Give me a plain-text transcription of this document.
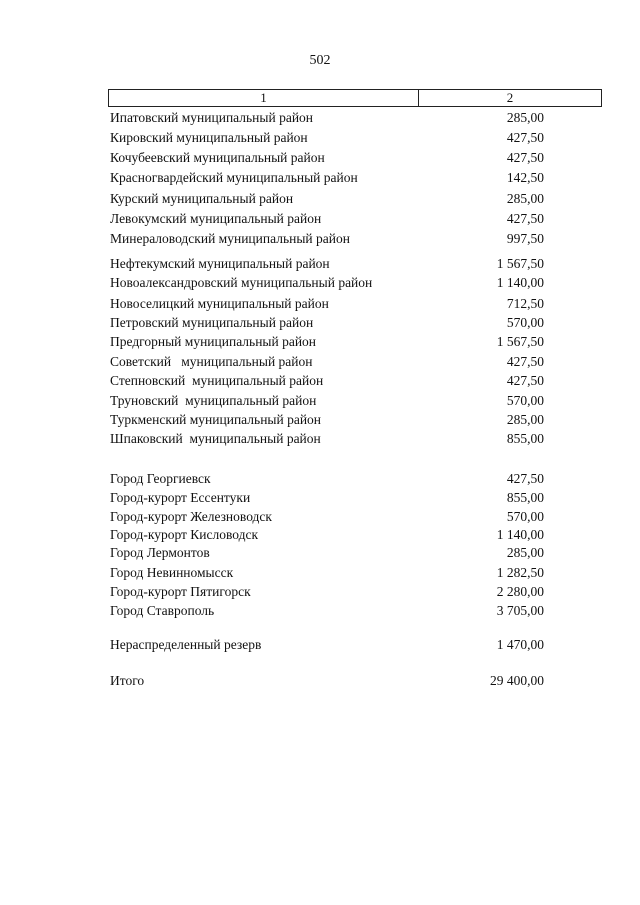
502
1	2
Ипатовский муниципальный район	285,00
Кировский муниципальный район	427,50
Кочубеевский муниципальный район	427,50
Красногвардейский муниципальный район	142,50
Курский муниципальный район	285,00
Левокумский муниципальный район	427,50
Минераловодский муниципальный район	997,50
Нефтекумский муниципальный район	1 567,50
Новоалександровский муниципальный район	1 140,00
Новоселицкий муниципальный район	712,50
Петровский муниципальный район	570,00
Предгорный муниципальный район	1 567,50
Советский   муниципальный район	427,50
Степновский  муниципальный район	427,50
Труновский  муниципальный район	570,00
Туркменский муниципальный район	285,00
Шпаковский  муниципальный район	855,00
Город Георгиевск	427,50
Город-курорт Ессентуки	855,00
Город-курорт Железноводск	570,00
Город-курорт Кисловодск	1 140,00
Город Лермонтов	285,00
Город Невинномысск	1 282,50
Город-курорт Пятигорск	2 280,00
Город Ставрополь	3 705,00
Нераспределенный резерв	1 470,00
Итого	29 400,00
